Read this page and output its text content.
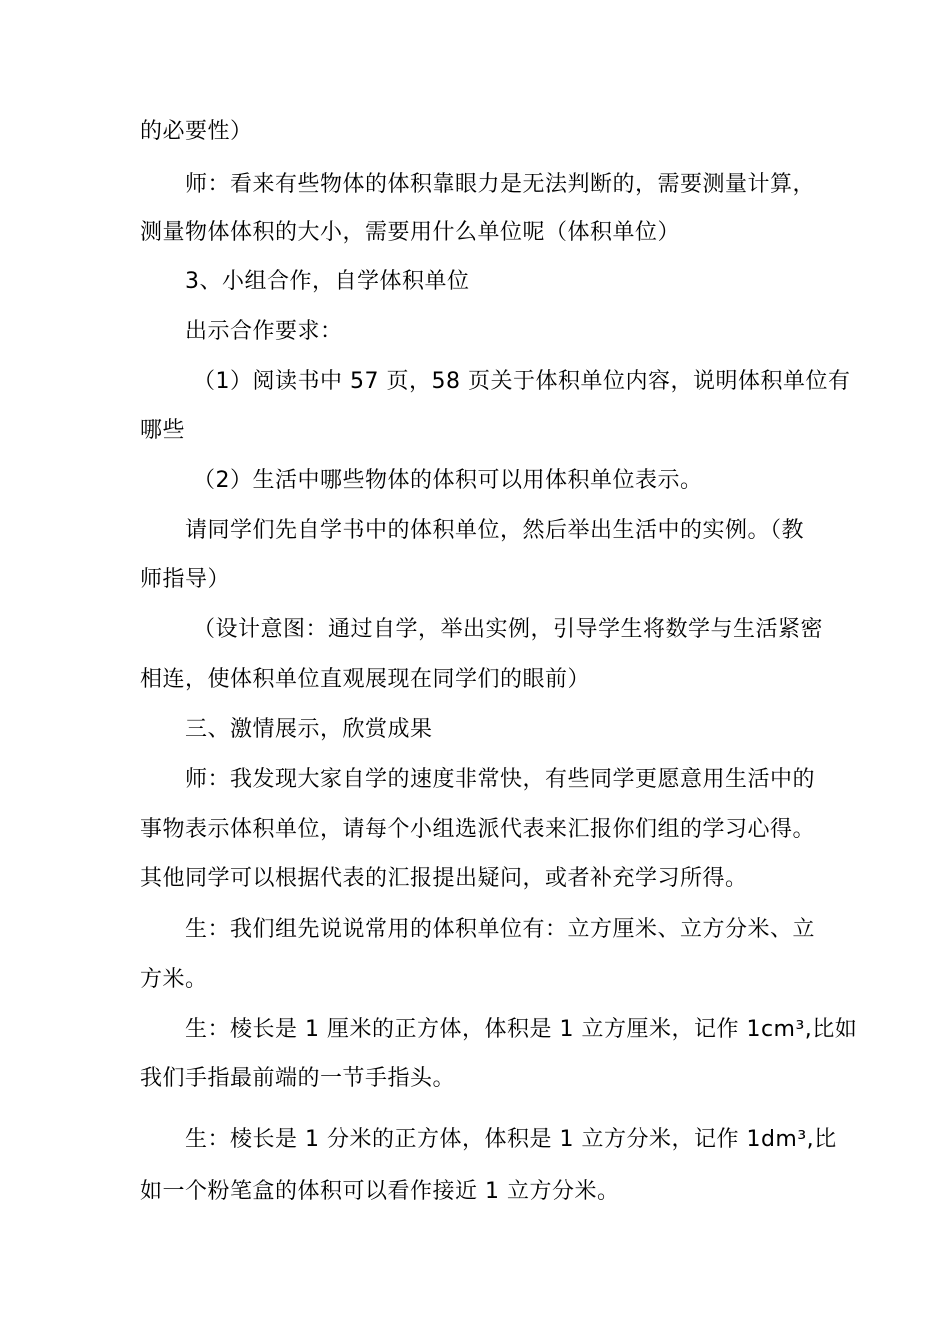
的必要性）
师：看来有些物体的体积靠眼力是无法判断的，需要测量计算，
测量物体体积的大小，需要用什么单位呢（体积单位）
3、小组合作，自学体积单位
出示合作要求：
（1）阅读书中 57 页，58 页关于体积单位内容，说明体积单位有
哪些
（2）生活中哪些物体的体积可以用体积单位表示。
请同学们先自学书中的体积单位，然后举出生活中的实例。（教
师指导）
（设计意图：通过自学，举出实例，引导学生将数学与生活紧密
相连，使体积单位直观展现在同学们的眼前）
三、激情展示，欣赏成果
师：我发现大家自学的速度非常快，有些同学更愿意用生活中的
事物表示体积单位，请每个小组选派代表来汇报你们组的学习心得。
其他同学可以根据代表的汇报提出疑问，或者补充学习所得。
生：我们组先说说常用的体积单位有：立方厘米、立方分米、立
方米。
生：棱长是 1 厘米的正方体，体积是 1 立方厘米，记作 1cm³,比如
我们手指最前端的一节手指头。
生：棱长是 1 分米的正方体，体积是 1 立方分米，记作 1dm³,比
如一个粉笔盒的体积可以看作接近 1 立方分米。
